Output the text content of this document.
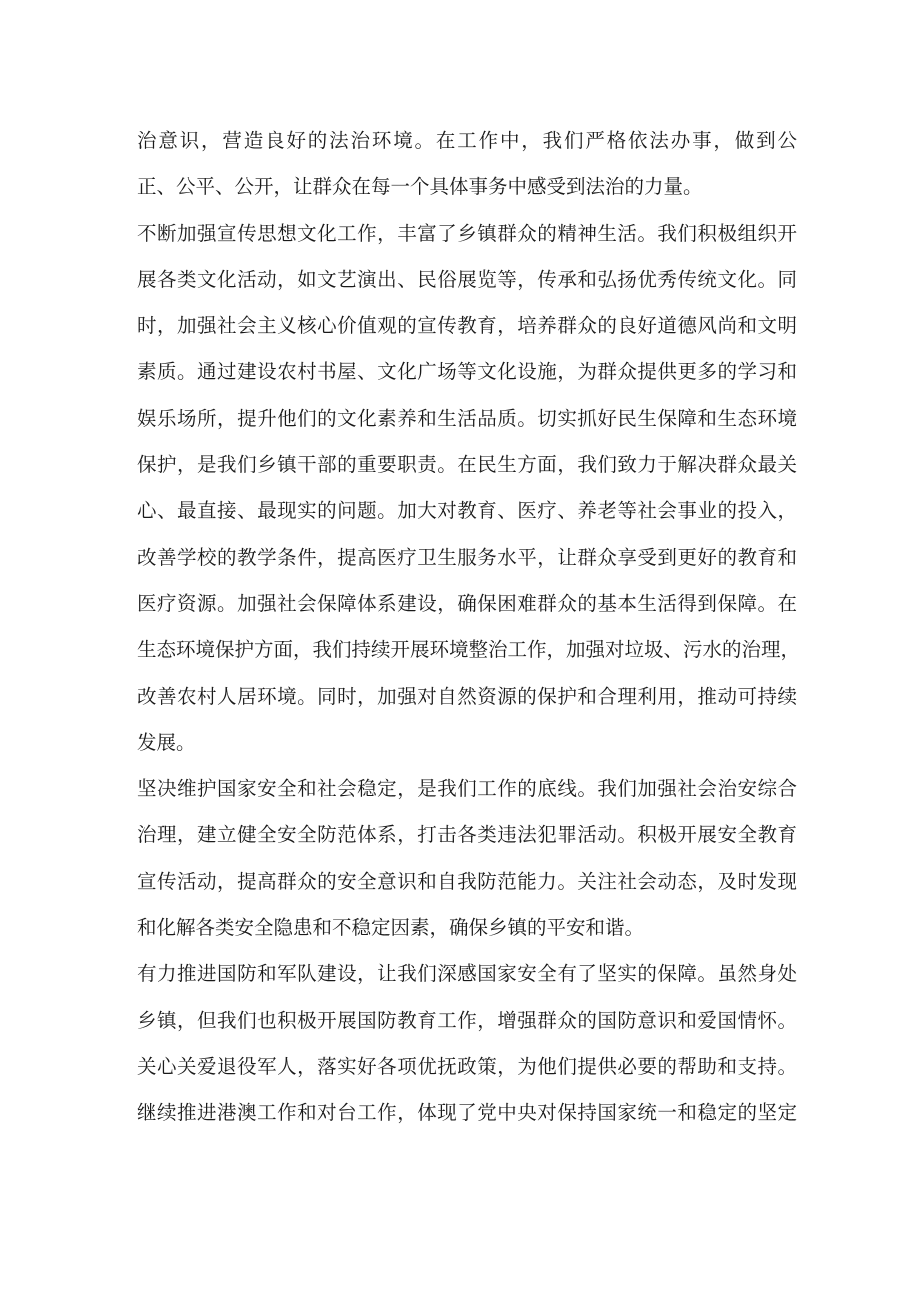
治意识，营造良好的法治环境。在工作中，我们严格依法办事，做到公
正、公平、公开，让群众在每一个具体事务中感受到法治的力量。
不断加强宣传思想文化工作，丰富了乡镇群众的精神生活。我们积极组织开
展各类文化活动，如文艺演出、民俗展览等，传承和弘扬优秀传统文化。同
时，加强社会主义核心价值观的宣传教育，培养群众的良好道德风尚和文明
素质。通过建设农村书屋、文化广场等文化设施，为群众提供更多的学习和
娱乐场所，提升他们的文化素养和生活品质。切实抓好民生保障和生态环境
保护，是我们乡镇干部的重要职责。在民生方面，我们致力于解决群众最关
心、最直接、最现实的问题。加大对教育、医疗、养老等社会事业的投入，
改善学校的教学条件，提高医疗卫生服务水平，让群众享受到更好的教育和
医疗资源。加强社会保障体系建设，确保困难群众的基本生活得到保障。在
生态环境保护方面，我们持续开展环境整治工作，加强对垃圾、污水的治理，
改善农村人居环境。同时，加强对自然资源的保护和合理利用，推动可持续
发展。
坚决维护国家安全和社会稳定，是我们工作的底线。我们加强社会治安综合
治理，建立健全安全防范体系，打击各类违法犯罪活动。积极开展安全教育
宣传活动，提高群众的安全意识和自我防范能力。关注社会动态，及时发现
和化解各类安全隐患和不稳定因素，确保乡镇的平安和谐。
有力推进国防和军队建设，让我们深感国家安全有了坚实的保障。虽然身处
乡镇，但我们也积极开展国防教育工作，增强群众的国防意识和爱国情怀。
关心关爱退役军人，落实好各项优抚政策，为他们提供必要的帮助和支持。
继续推进港澳工作和对台工作，体现了党中央对保持国家统一和稳定的坚定
